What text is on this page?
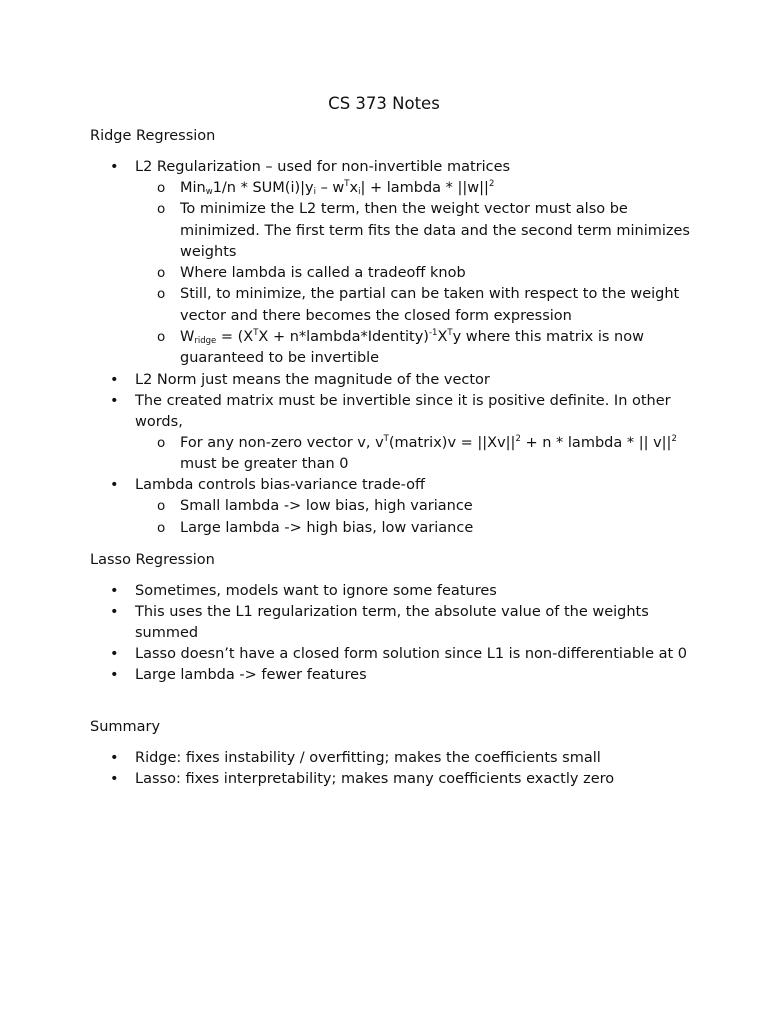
CS 373 Notes
Ridge Regression
• L2 Regularization – used for non-invertible matrices
o $Min_w1/n * SUM(i)|y_i - w^Tx_i|$ + lambda * $||w||^2$
o To minimize the L2 term, then the weight vector must also be minimized. The first term fits the data and the second term minimizes weights
o Where lambda is called a tradeoff knob
o Still, to minimize, the partial can be taken with respect to the weight vector and there becomes the closed form expression
o $W_{ridge} = (X^TX$ + $n*lambda*Identity)^{-1}X^Ty$ where this matrix is now guaranteed to be invertible
• L2 Norm just means the magnitude of the vector
• The created matrix must be invertible since it is positive definite. In other words,
o For any non-zero vector v, $v^T(matrix)v = ||Xv||^2 + n$ * lambda * || $v||^2$ must be greater than 0
• Lambda controls bias-variance trade-off
o Small lambda -> low bias, high variance
o Large lambda -> high bias, low variance
Lasso Regression
• Sometimes, models want to ignore some features
• This uses the L1 regularization term, the absolute value of the weights summed
• Lasso doesn’t have a closed form solution since L1 is non-differentiable at 0
• Large lambda -> fewer features
Summary
• Ridge: fixes instability / overfitting; makes the coefficients small
• Lasso: fixes interpretability; makes many coefficients exactly zero
